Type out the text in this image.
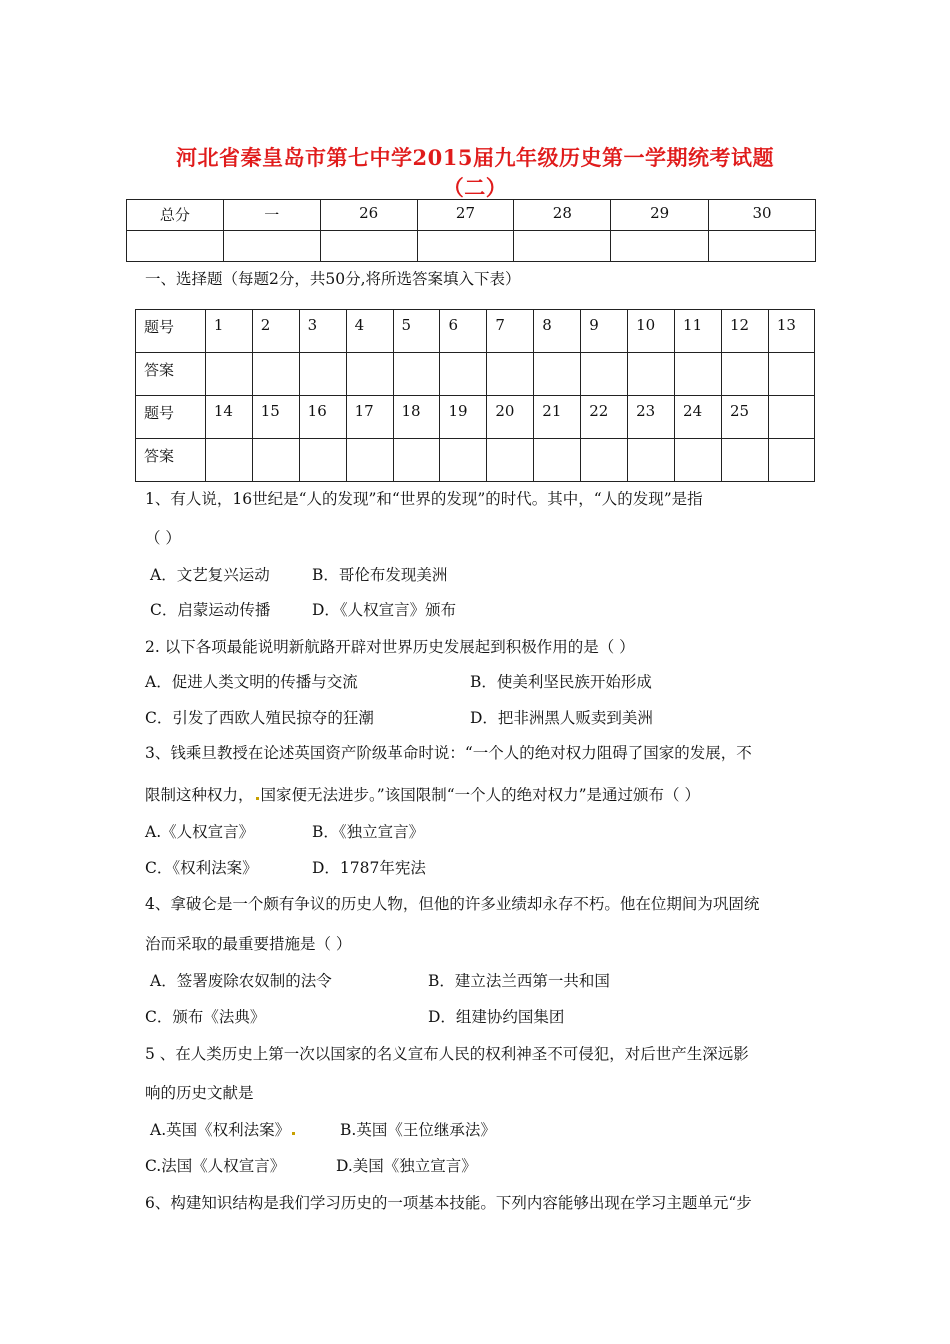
河北省秦皇岛市第七中学2015届九年级历史第一学期统考试题
（二）
总分	一	26	27	28	29	30

一、选择题（每题2分，共50分,将所选答案填入下表）
题号	1	2	3	4	5	6	7	8	9	10	11	12	13
答案													
题号	14	15	16	17	18	19	20	21	22	23	24	25	
答案													
1、有人说，16世纪是“人的发现”和“世界的发现”的时代。其中，“人的发现”是指
（ ）
A．文艺复兴运动	B．哥伦布发现美洲
C．启蒙运动传播	D．《人权宣言》颁布
2. 以下各项最能说明新航路开辟对世界历史发展起到积极作用的是（ ）
A．促进人类文明的传播与交流	B．使美利坚民族开始形成
C．引发了西欧人殖民掠夺的狂潮	D．把非洲黑人贩卖到美洲
3、钱乘旦教授在论述英国资产阶级革命时说：“一个人的绝对权力阻碍了国家的发展，不
限制这种权力， 国家便无法进步。”该国限制“一个人的绝对权力”是通过颁布（ ）
A.《人权宣言》	B．《独立宣言》
C．《权利法案》	D．1787年宪法
4、拿破仑是一个颇有争议的历史人物，但他的许多业绩却永存不朽。他在位期间为巩固统
治而采取的最重要措施是（ ）
A．签署废除农奴制的法令	B．建立法兰西第一共和国
C．颁布《法典》	D．组建协约国集团
5 、在人类历史上第一次以国家的名义宣布人民的权利神圣不可侵犯，对后世产生深远影
响的历史文献是
A.英国《权利法案》	B.英国《王位继承法》
C.法国《人权宣言》	D.美国《独立宣言》
6、构建知识结构是我们学习历史的一项基本技能。下列内容能够出现在学习主题单元“步
